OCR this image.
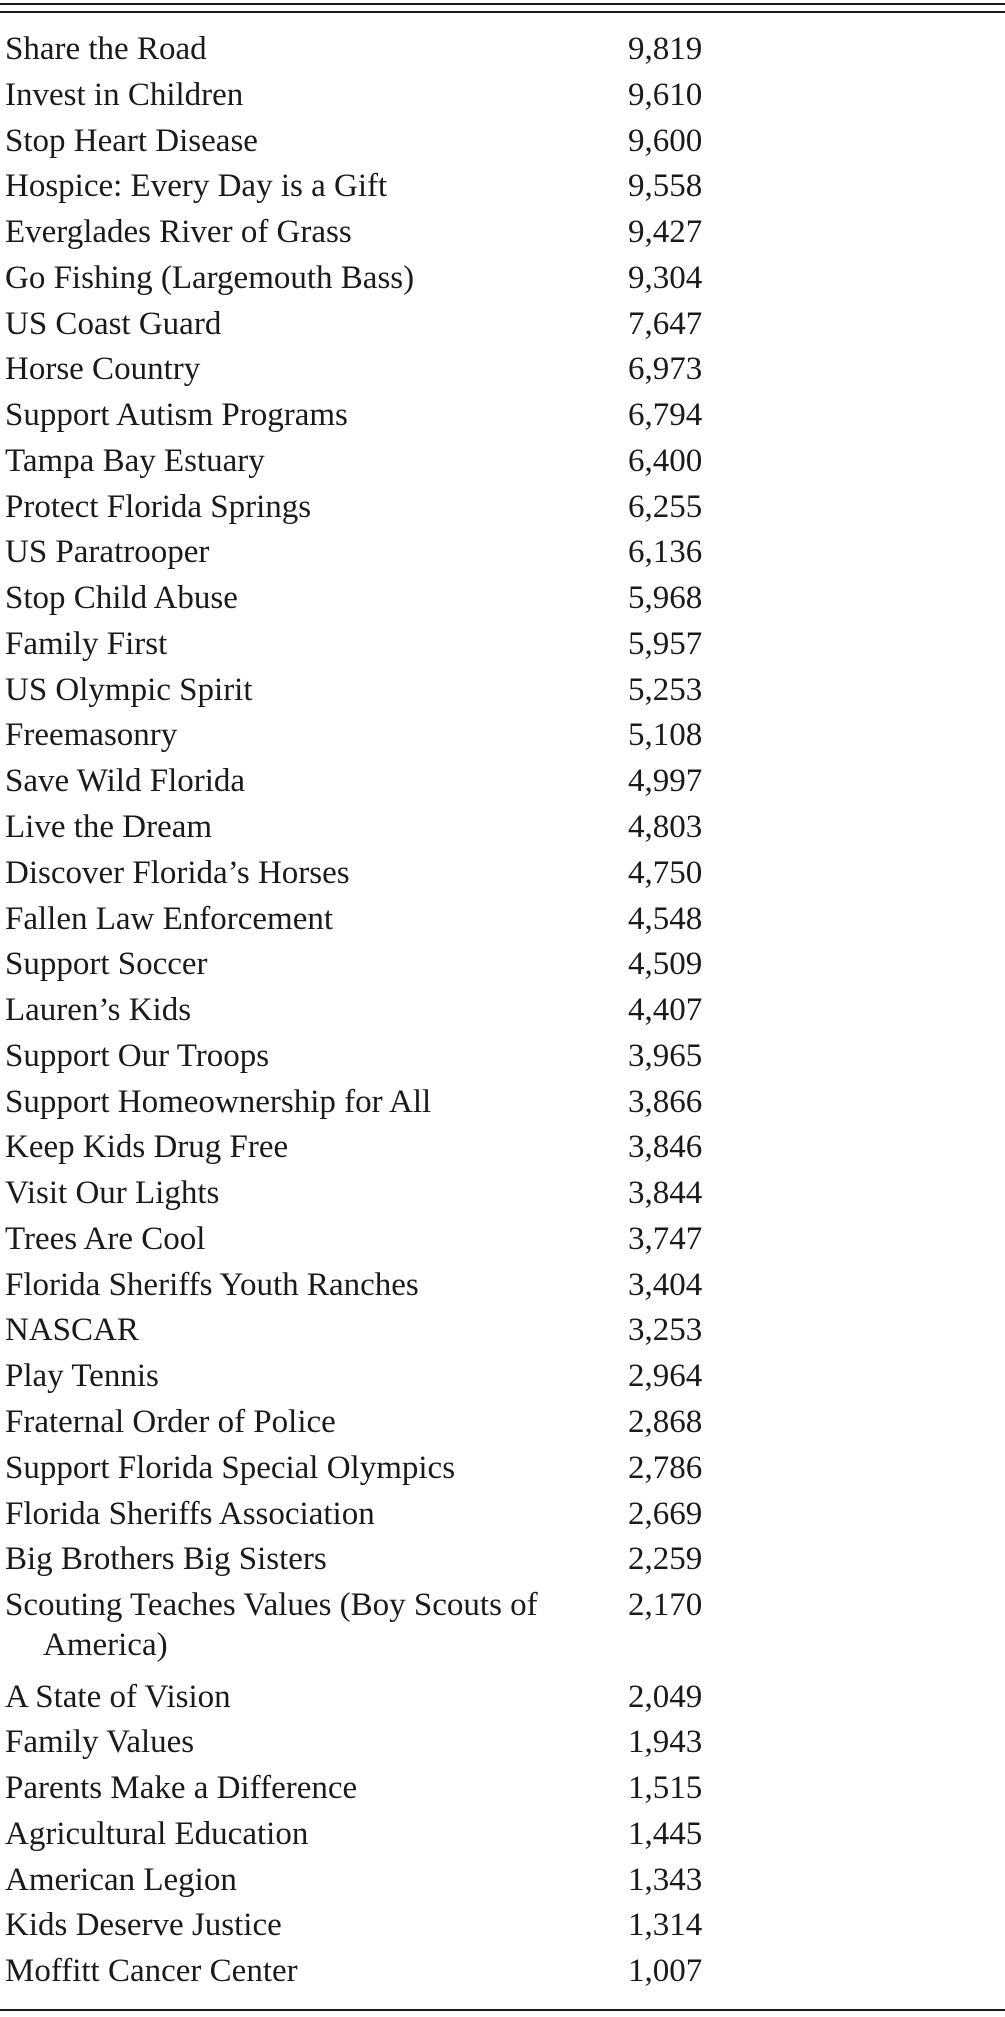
Share the Road	9,819

Invest in Children	9,610

Stop Heart Disease	9,600

Hospice: Every Day is a Gift	9,558

Everglades River of Grass	9,427

Go Fishing (Largemouth Bass)	9,304

US Coast Guard	7,647

Horse Country	6,973

Support Autism Programs	6,794

Tampa Bay Estuary	6,400

Protect Florida Springs	6,255

US Paratrooper	6,136

Stop Child Abuse	5,968

Family First	5,957

US Olympic Spirit	5,253

Freemasonry	5,108

Save Wild Florida	4,997

Live the Dream	4,803

Discover Florida’s Horses	4,750

Fallen Law Enforcement	4,548

Support Soccer	4,509

Lauren’s Kids	4,407

Support Our Troops	3,965

Support Homeownership for All	3,866

Keep Kids Drug Free	3,846

Visit Our Lights	3,844

Trees Are Cool	3,747

Florida Sheriffs Youth Ranches	3,404

NASCAR	3,253

Play Tennis	2,964

Fraternal Order of Police	2,868

Support Florida Special Olympics	2,786

Florida Sheriffs Association	2,669

Big Brothers Big Sisters	2,259

Scouting Teaches Values (Boy Scouts of America)	2,170

A State of Vision	2,049

Family Values	1,943

Parents Make a Difference	1,515

Agricultural Education	1,445

American Legion	1,343

Kids Deserve Justice	1,314

Moffitt Cancer Center	1,007
